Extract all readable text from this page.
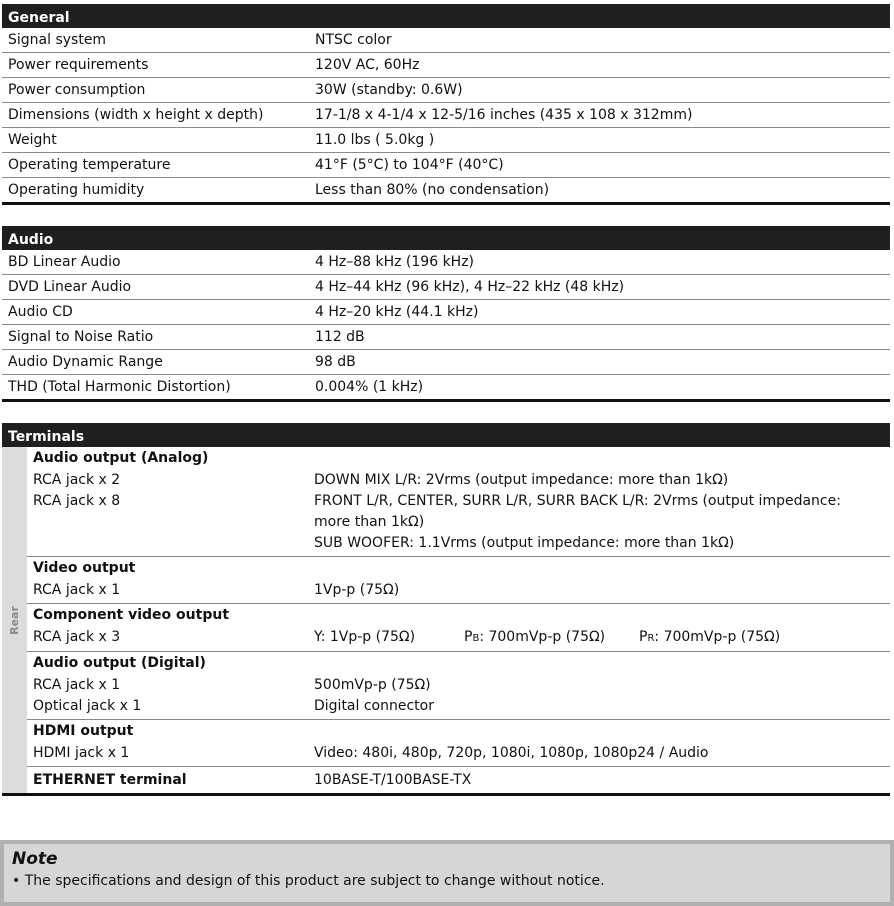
General
Signal system	NTSC color
Power requirements	120V AC, 60Hz
Power consumption	30W (standby: 0.6W)
Dimensions (width x height x depth)	17-1/8 x 4-1/4 x 12-5/16 inches (435 x 108 x 312mm)
Weight	11.0 lbs ( 5.0kg )
Operating temperature	41°F (5°C) to 104°F (40°C)
Operating humidity	Less than 80% (no condensation)
Audio
BD Linear Audio	4 Hz–88 kHz (196 kHz)
DVD Linear Audio	4 Hz–44 kHz (96 kHz), 4 Hz–22 kHz (48 kHz)
Audio CD	4 Hz–20 kHz (44.1 kHz)
Signal to Noise Ratio	112 dB
Audio Dynamic Range	98 dB
THD (Total Harmonic Distortion)	0.004% (1 kHz)
Terminals
Rear
Audio output (Analog)
RCA jack x 2	DOWN MIX L/R: 2Vrms (output impedance: more than 1kΩ)
RCA jack x 8	FRONT L/R, CENTER, SURR L/R, SURR BACK L/R: 2Vrms (output impedance:
more than 1kΩ)
SUB WOOFER: 1.1Vrms (output impedance: more than 1kΩ)
Video output
RCA jack x 1	1Vp-p (75Ω)
Component video output
RCA jack x 3	Y: 1Vp-p (75Ω)	PB: 700mVp-p (75Ω) PR: 700mVp-p (75Ω)
Audio output (Digital)
RCA jack x 1	500mVp-p (75Ω)
Optical jack x 1	Digital connector
HDMI output
HDMI jack x 1	Video: 480i, 480p, 720p, 1080i, 1080p, 1080p24 / Audio
ETHERNET terminal	10BASE-T/100BASE-TX
Note
• The specifications and design of this product are subject to change without notice.
